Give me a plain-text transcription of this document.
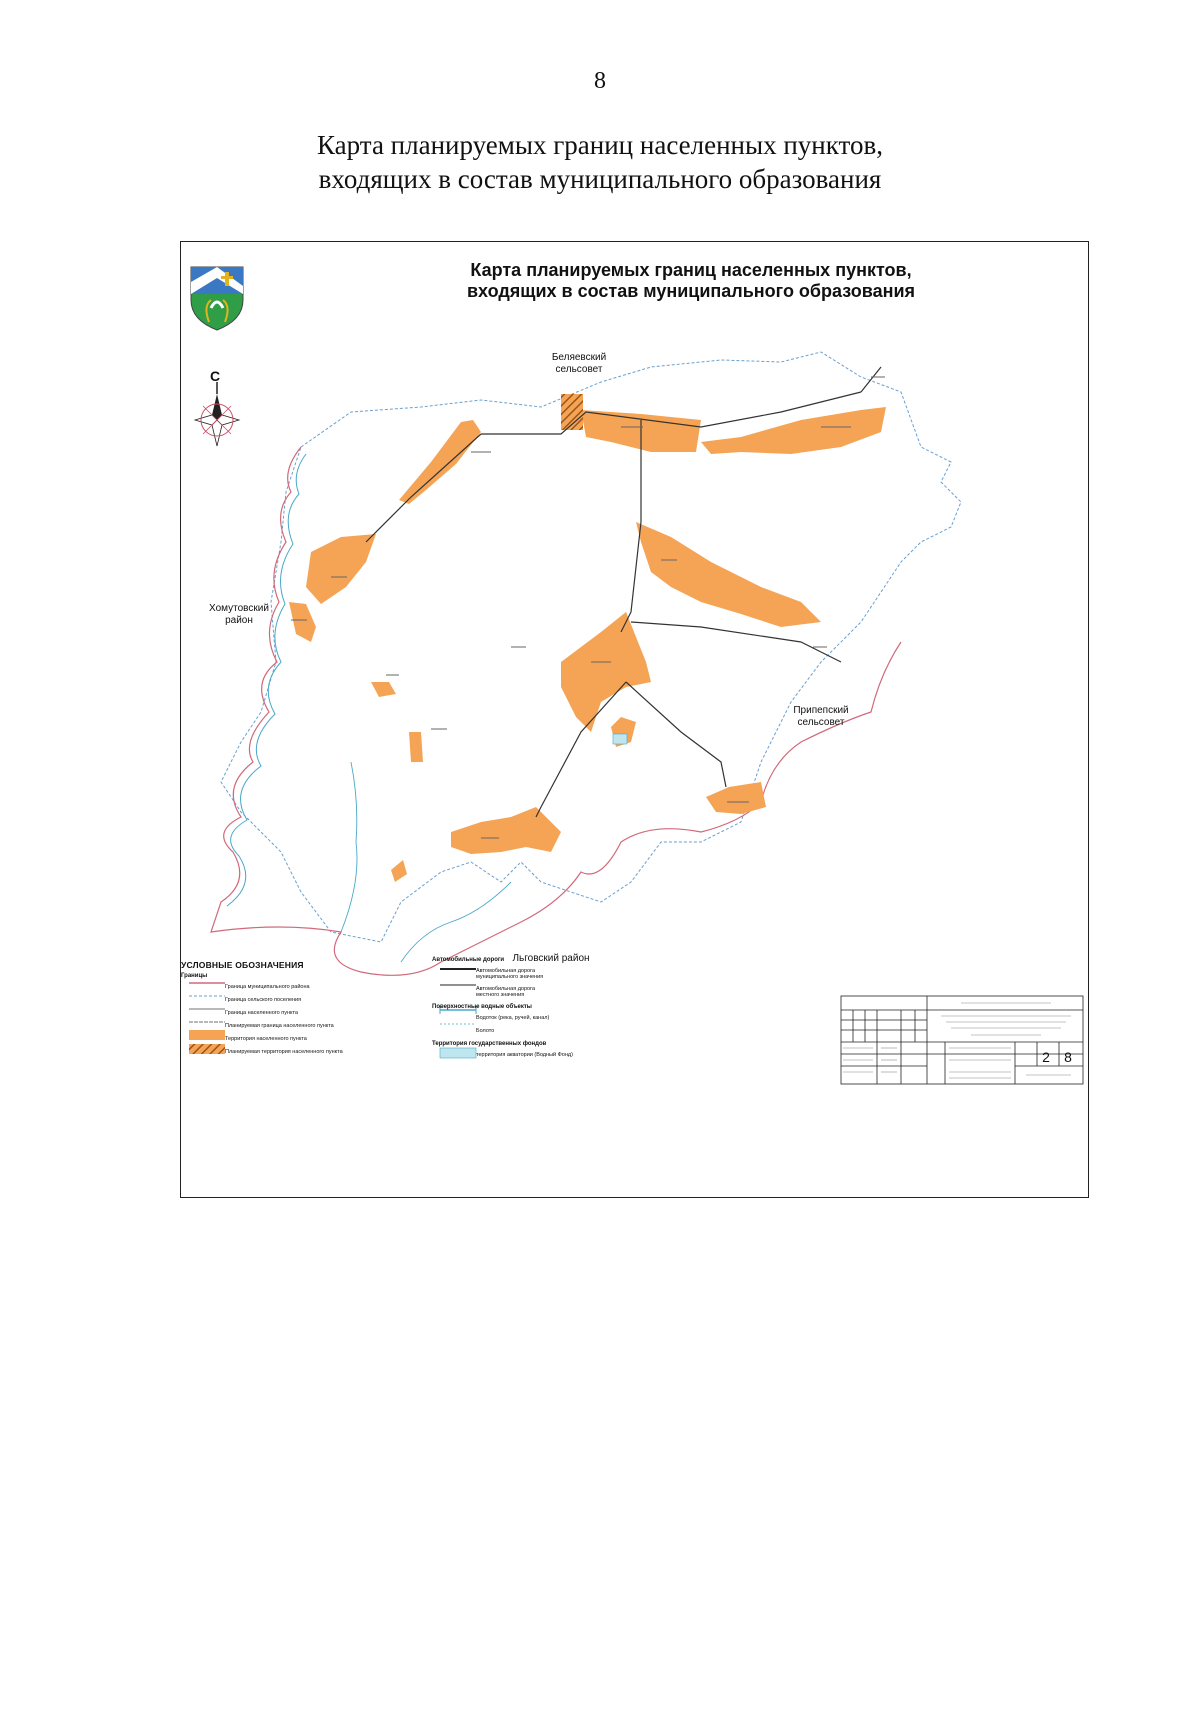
8
Карта планируемых границ населенных пунктов,
входящих в состав муниципального образования
Карта планируемых границ населенных пунктов,
входящих в состав муниципального образования
С
Беляевский
сельсовет
Хомутовский
район
Припепский
сельсовет
Льговский район
УСЛОВНЫЕ ОБОЗНАЧЕНИЯ
Границы
Граница муниципального района
Граница сельского поселения
Граница населенного пункта
Планируемая граница населенного пункта
Территория населенного пункта
Планируемая территория населенного пункта
Автомобильные дороги
Автомобильная дорога муниципального значения
Автомобильная дорога местного значения
Поверхностные водные объекты
Водоток (река, ручей, канал)
Болото
Территория государственных фондов
территория акватории (Водный Фонд)	2	8
